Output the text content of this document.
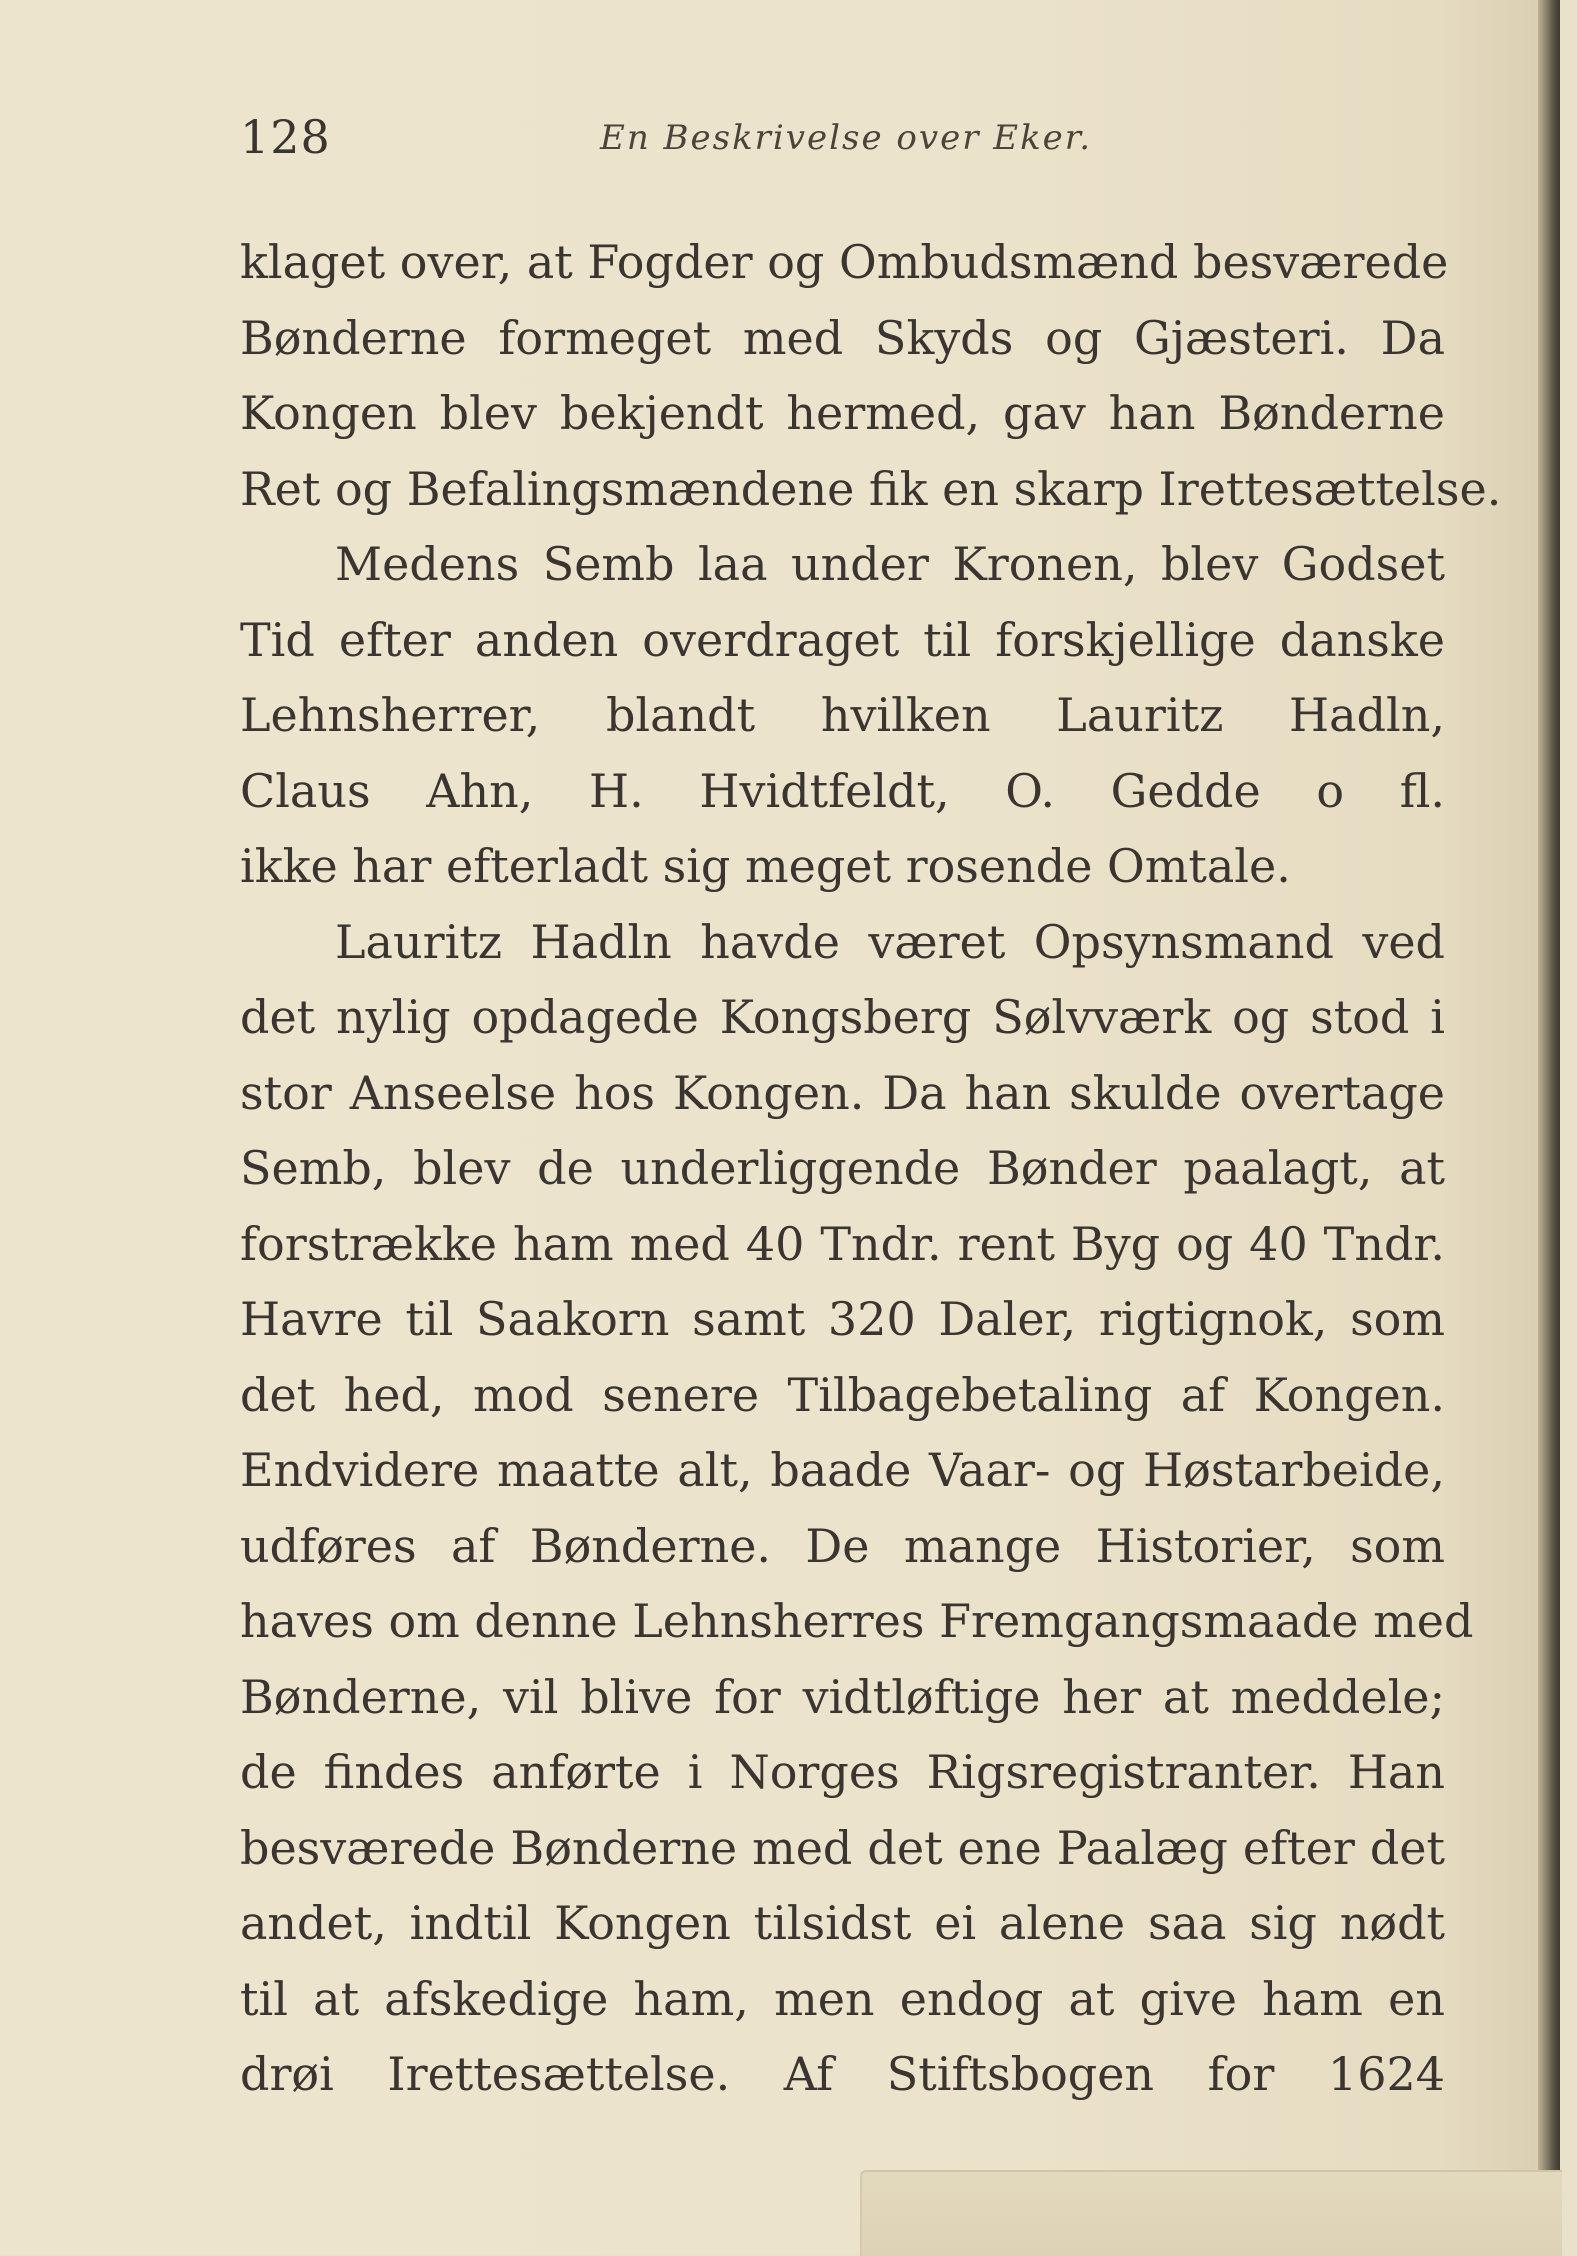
128	En Beskrivelse over Eker.
klaget over, at Fogder og Ombudsmænd besværede
Bønderne formeget med Skyds og Gjæsteri. Da
Kongen blev bekjendt hermed, gav han Bønderne
Ret og Befalingsmændene fik en skarp Irettesættelse.
Medens Semb laa under Kronen, blev Godset
Tid efter anden overdraget til forskjellige danske
Lehnsherrer, blandt hvilken Lauritz Hadln,
Claus Ahn, H. Hvidtfeldt, O. Gedde o fl.
ikke har efterladt sig meget rosende Omtale.
Lauritz Hadln havde været Opsynsmand ved
det nylig opdagede Kongsberg Sølvværk og stod i
stor Anseelse hos Kongen. Da han skulde overtage
Semb, blev de underliggende Bønder paalagt, at
forstrække ham med 40 Tndr. rent Byg og 40 Tndr.
Havre til Saakorn samt 320 Daler, rigtignok, som
det hed, mod senere Tilbagebetaling af Kongen.
Endvidere maatte alt, baade Vaar- og Høstarbeide,
udføres af Bønderne. De mange Historier, som
haves om denne Lehnsherres Fremgangsmaade med
Bønderne, vil blive for vidtløftige her at meddele;
de findes anførte i Norges Rigsregistranter. Han
besværede Bønderne med det ene Paalæg efter det
andet, indtil Kongen tilsidst ei alene saa sig nødt
til at afskedige ham, men endog at give ham en
drøi Irettesættelse. Af Stiftsbogen for 1624
